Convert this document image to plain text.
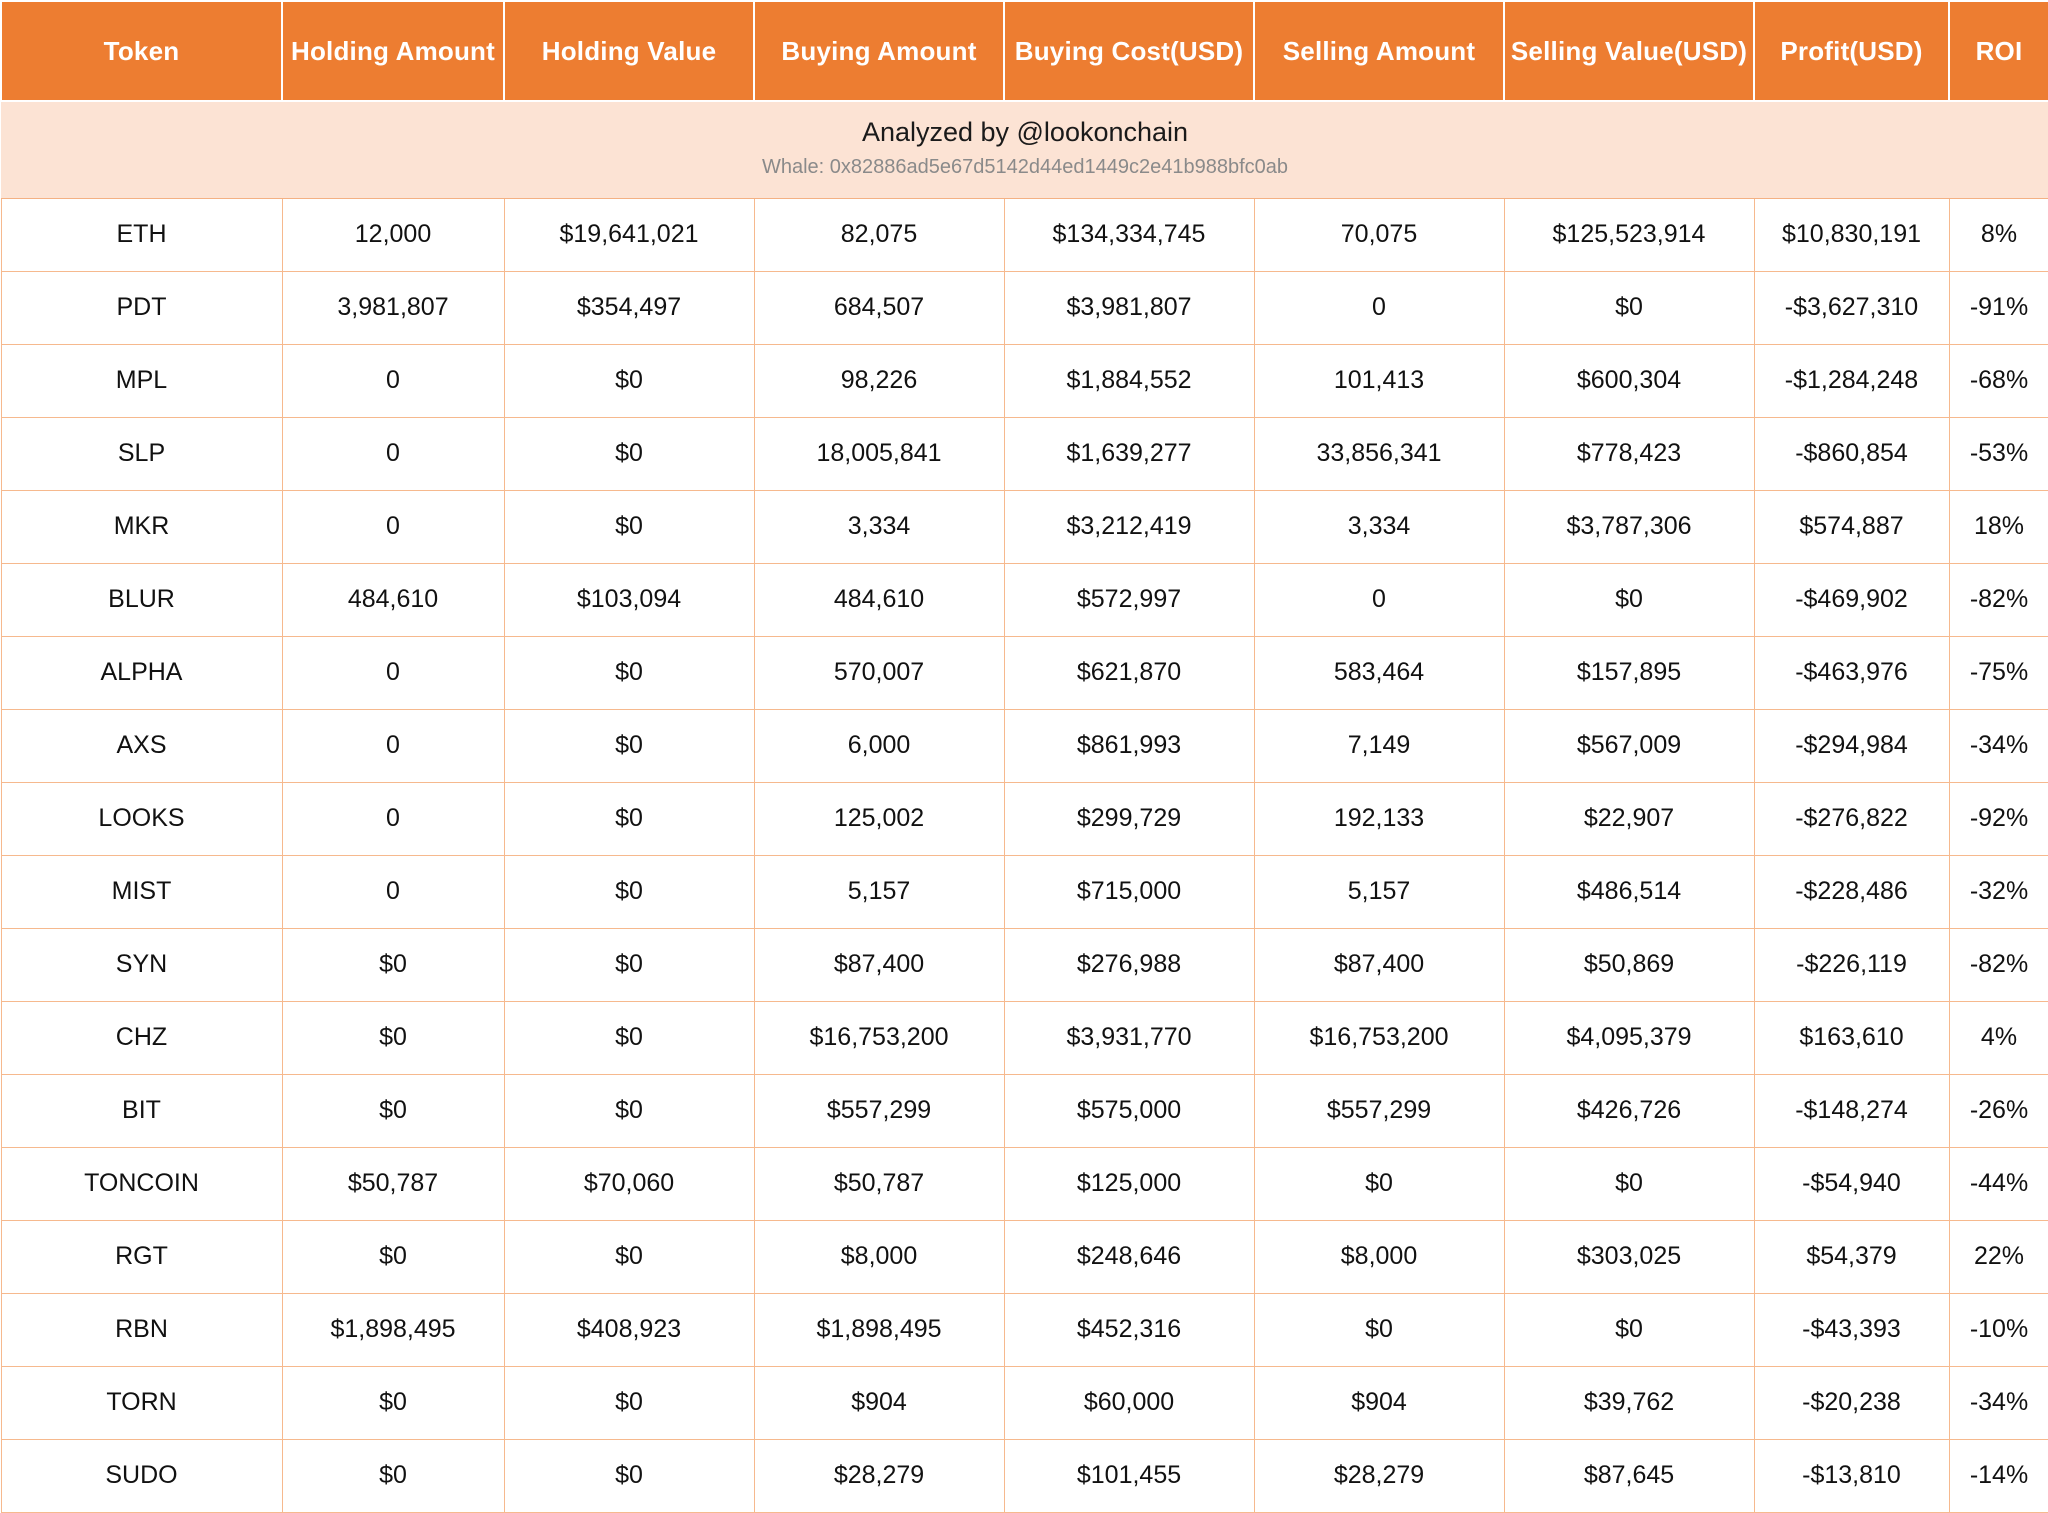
Token	Holding Amount	Holding Value	Buying Amount	Buying Cost(USD)	Selling Amount	Selling Value(USD)	Profit(USD)	ROI

Analyzed by @lookonchain
Whale: 0x82886ad5e67d5142d44ed1449c2e41b988bfc0ab								

ETH	12,000	$19,641,021	82,075	$134,334,745	70,075	$125,523,914	$10,830,191	8%
PDT	3,981,807	$354,497	684,507	$3,981,807	0	$0	-$3,627,310	-91%
MPL	0	$0	98,226	$1,884,552	101,413	$600,304	-$1,284,248	-68%
SLP	0	$0	18,005,841	$1,639,277	33,856,341	$778,423	-$860,854	-53%
MKR	0	$0	3,334	$3,212,419	3,334	$3,787,306	$574,887	18%
BLUR	484,610	$103,094	484,610	$572,997	0	$0	-$469,902	-82%
ALPHA	0	$0	570,007	$621,870	583,464	$157,895	-$463,976	-75%
AXS	0	$0	6,000	$861,993	7,149	$567,009	-$294,984	-34%
LOOKS	0	$0	125,002	$299,729	192,133	$22,907	-$276,822	-92%
MIST	0	$0	5,157	$715,000	5,157	$486,514	-$228,486	-32%
SYN	$0	$0	$87,400	$276,988	$87,400	$50,869	-$226,119	-82%
CHZ	$0	$0	$16,753,200	$3,931,770	$16,753,200	$4,095,379	$163,610	4%
BIT	$0	$0	$557,299	$575,000	$557,299	$426,726	-$148,274	-26%
TONCOIN	$50,787	$70,060	$50,787	$125,000	$0	$0	-$54,940	-44%
RGT	$0	$0	$8,000	$248,646	$8,000	$303,025	$54,379	22%
RBN	$1,898,495	$408,923	$1,898,495	$452,316	$0	$0	-$43,393	-10%
TORN	$0	$0	$904	$60,000	$904	$39,762	-$20,238	-34%
SUDO	$0	$0	$28,279	$101,455	$28,279	$87,645	-$13,810	-14%
